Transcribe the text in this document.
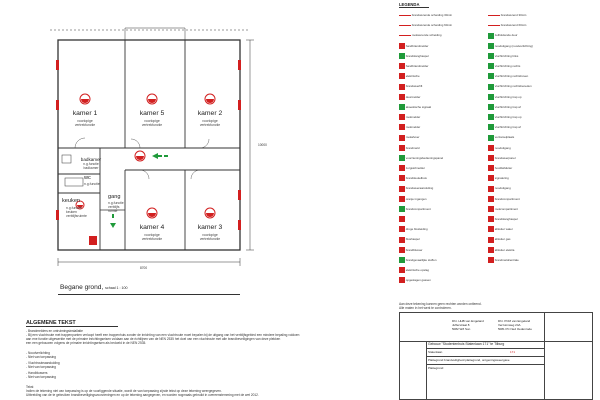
kamer 1
voorlopige
vertrekfunctie
kamer 5
voorlopige
vertrekfunctie
kamer 2
voorlopige
vertrekfunctie
badkamer
n.g.functie
badkamer
wc
n.g.functie
keuken
n.g.functie
keuken
verblijfsruimte
gang
n.g.functie
verblijfs
ruimte
kamer 4
voorlopige
vertrekfunctie
kamer 3
voorlopige
vertrekfunctie
10000
8700
Begane grond, schaal 1 : 100
ALGEMENE TEKST
- Brandmelders en ontruimingsinstallatie
- Bij een vluchtroute met trappenpunten verloopt heeft een trappenhuis zonder de inrichting van een vluchtroute moet bepalen bij de uitgang van het verblijfsgebied een mindere bepaling voldoen
aan ene functie uitgewerkte met de primaire inrichtingseisen voldaan aan de richtlijnen van de NEN 2535 het doel van een vluchtroute met alle brandbeveiligingen van deze plekken
een een gebouwen volgens de primaire inrichtingseisen als bedoeld in de NEN 2535.
- Noodverlichting
- Niet van toepassing
- Vluchtrouteaanduiding
- Niet van toepassing
- Handblussers
- Niet van toepassing
Tekst
Indien de tekening niet van toepassing is op de voorliggende situatie, wordt de van toepassing zijnde tekst op deze tekening weergegeven.
Uitbreiding van de te gebruiken brandbeveiligingsvoorzieningen en op de tekening aangegeven, en worden nogmaals gebruikt in overeenstemming met de wet 2012.
LEGENDA
Aan deze tekening kunnen geen rechten worden ontleend.
Alle maten in het werk te controleren.
Dhr. HHB van Engeland
Jufferstraat 8
5082 WZ Son
Dhr. PCM van Engeland
Verzuimweg 24A
5081 PC Ned Oedenrode
Gebouw "Studentenhuis Statenlaan 171" te Tilburg
Statenlaan	171
Plattegrond brandveiligheid plattegrond, ontgeningsweergave
Plattegrond
brandwerende scheiding 30min
brandwerende scheiding 60min
rookwerende scheiding
handbrandmelder
brandslanghaspel
handbrandmelder
elektrische
brandweerlift
deurmelder
akoestische signaal
rookmelder
rookmelder
rookafvoer
brandmeld
voorzieningsbedieningspanel
zorgstofmelder
brandsleutelbuis
brandweeraansluiting
oranje ingangen
brandcompartiment
droge blusleiding
blushaspel
brandblusser
brandgevaarlijke stoffen
elektrische opslag
opgeslagen gassen
brandwerend 30min
brandwerend 60min
zelfsluitende deur
nooduitgang (noodverlichting)
vluchtrichting links
vluchtrichting rechts
vluchtrichting rechtsboven
vluchtrichting rechtsbeneden
vluchtrichting trap op
vluchtrichting trap af
vluchtrichting trap op
vluchtrichting trap af
verzamelplaats
nooduitgang
brandweerpanel
hoofdafsluiter
signalering
nooduitgang
brandcompartiment
rookcompartiment
brandslanghaspel
afsluiter water
afsluiter gas
afsluiter elektra
brandmeldcentrale
